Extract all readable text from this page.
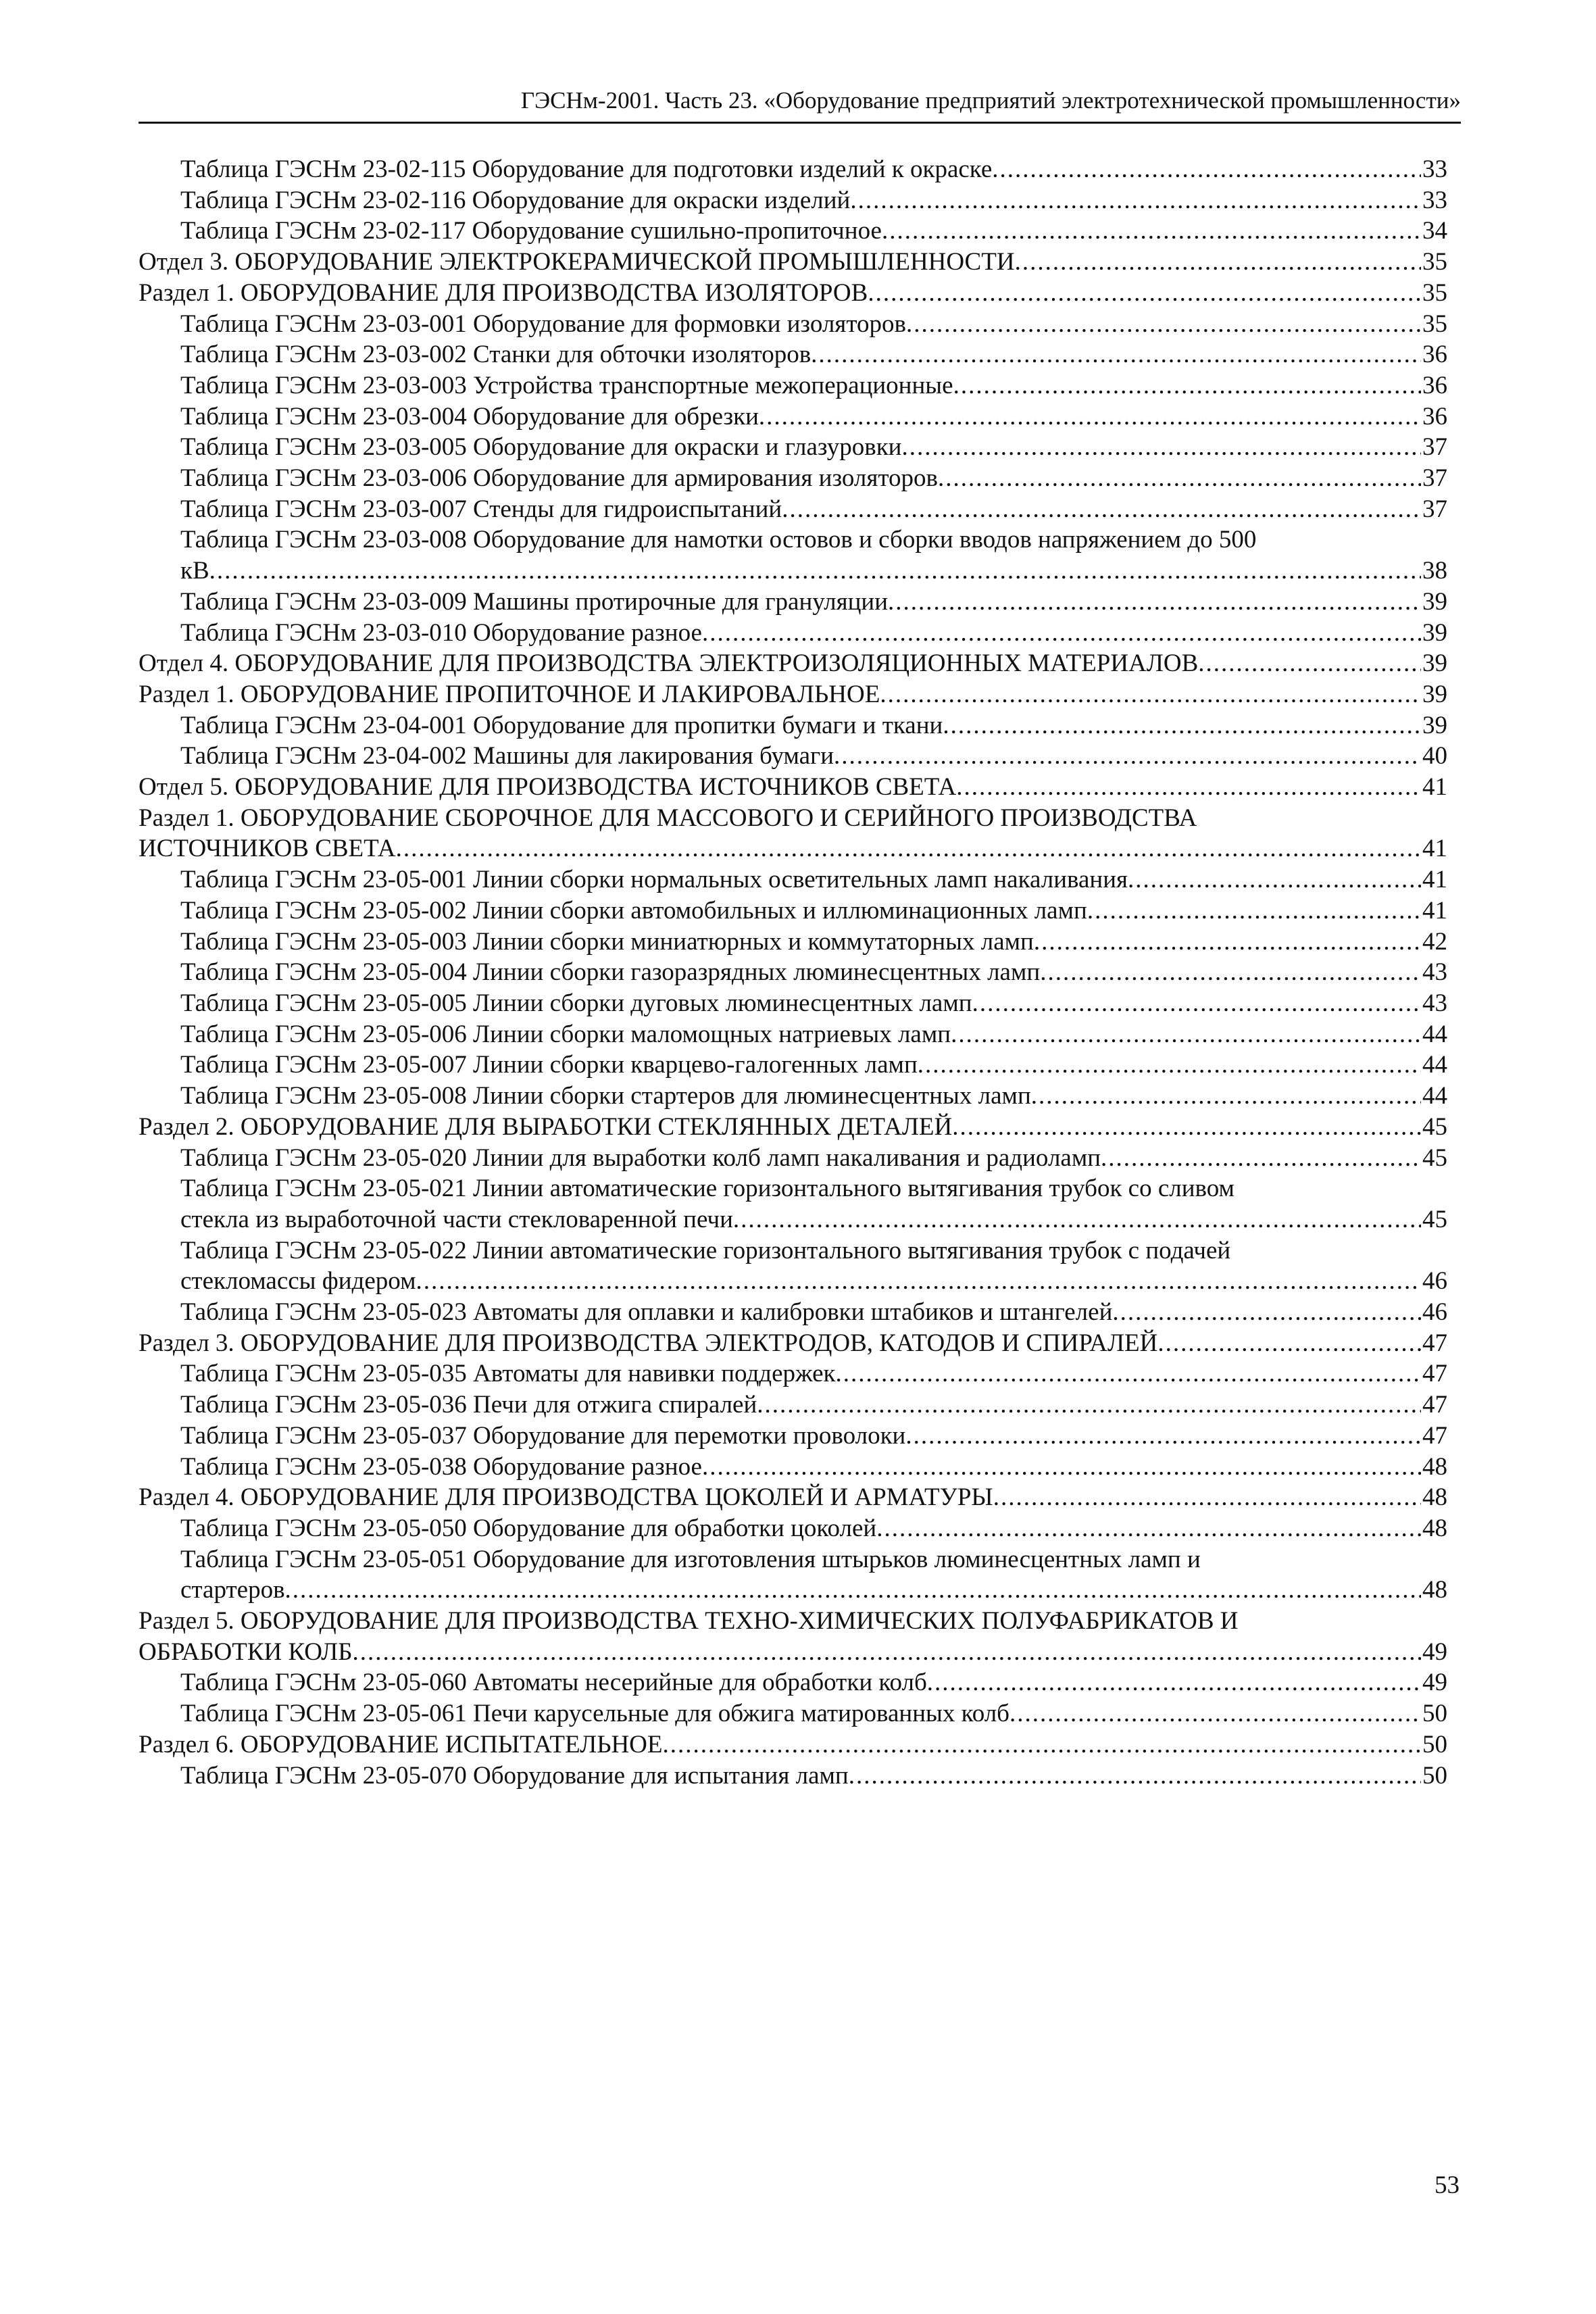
ГЭСНм-2001. Часть 23. «Оборудование предприятий электротехнической промышленности»
Таблица ГЭСНм 23-02-115 Оборудование для подготовки изделий к окраске .....	33
Таблица ГЭСНм 23-02-116 Оборудование для окраски изделий .....	33
Таблица ГЭСНм 23-02-117 Оборудование сушильно-пропиточное .....	34
Отдел 3. ОБОРУДОВАНИЕ ЭЛЕКТРОКЕРАМИЧЕСКОЙ ПРОМЫШЛЕННОСТИ .....	35
Раздел 1. ОБОРУДОВАНИЕ ДЛЯ ПРОИЗВОДСТВА ИЗОЛЯТОРОВ .....	35
Таблица ГЭСНм 23-03-001 Оборудование для формовки изоляторов .....	35
Таблица ГЭСНм 23-03-002 Станки для обточки изоляторов .....	36
Таблица ГЭСНм 23-03-003 Устройства транспортные межоперационные .....	36
Таблица ГЭСНм 23-03-004 Оборудование для обрезки .....	36
Таблица ГЭСНм 23-03-005 Оборудование для окраски и глазуровки .....	37
Таблица ГЭСНм 23-03-006 Оборудование для армирования изоляторов .....	37
Таблица ГЭСНм 23-03-007 Стенды для гидроиспытаний .....	37
Таблица ГЭСНм 23-03-008 Оборудование для намотки остовов и сборки вводов напряжением до 500
кВ .....	38
Таблица ГЭСНм 23-03-009 Машины протирочные для грануляции .....	39
Таблица ГЭСНм 23-03-010 Оборудование разное .....	39
Отдел 4. ОБОРУДОВАНИЕ ДЛЯ ПРОИЗВОДСТВА ЭЛЕКТРОИЗОЛЯЦИОННЫХ МАТЕРИАЛОВ .....	39
Раздел 1. ОБОРУДОВАНИЕ ПРОПИТОЧНОЕ И ЛАКИРОВАЛЬНОЕ .....	39
Таблица ГЭСНм 23-04-001 Оборудование для пропитки бумаги и ткани .....	39
Таблица ГЭСНм 23-04-002 Машины для лакирования бумаги .....	40
Отдел 5. ОБОРУДОВАНИЕ ДЛЯ ПРОИЗВОДСТВА ИСТОЧНИКОВ СВЕТА .....	41
Раздел 1. ОБОРУДОВАНИЕ СБОРОЧНОЕ ДЛЯ МАССОВОГО И СЕРИЙНОГО ПРОИЗВОДСТВА
ИСТОЧНИКОВ СВЕТА .....	41
Таблица ГЭСНм 23-05-001 Линии сборки нормальных осветительных ламп накаливания .....	41
Таблица ГЭСНм 23-05-002 Линии сборки автомобильных и иллюминационных ламп .....	41
Таблица ГЭСНм 23-05-003 Линии сборки миниатюрных и коммутаторных ламп .....	42
Таблица ГЭСНм 23-05-004 Линии сборки газоразрядных люминесцентных ламп .....	43
Таблица ГЭСНм 23-05-005 Линии сборки дуговых люминесцентных ламп .....	43
Таблица ГЭСНм 23-05-006 Линии сборки маломощных натриевых ламп .....	44
Таблица ГЭСНм 23-05-007 Линии сборки кварцево-галогенных ламп .....	44
Таблица ГЭСНм 23-05-008 Линии сборки стартеров для люминесцентных ламп .....	44
Раздел 2. ОБОРУДОВАНИЕ ДЛЯ ВЫРАБОТКИ СТЕКЛЯННЫХ ДЕТАЛЕЙ .....	45
Таблица ГЭСНм 23-05-020 Линии для выработки колб ламп накаливания и радиоламп .....	45
Таблица ГЭСНм 23-05-021 Линии автоматические горизонтального вытягивания трубок со сливом
стекла из выработочной части стекловаренной печи .....	45
Таблица ГЭСНм 23-05-022 Линии автоматические горизонтального вытягивания трубок с подачей
стекломассы фидером .....	46
Таблица ГЭСНм 23-05-023 Автоматы для оплавки и калибровки штабиков и штангелей .....	46
Раздел 3. ОБОРУДОВАНИЕ ДЛЯ ПРОИЗВОДСТВА ЭЛЕКТРОДОВ, КАТОДОВ И СПИРАЛЕЙ .....	47
Таблица ГЭСНм 23-05-035 Автоматы для навивки поддержек .....	47
Таблица ГЭСНм 23-05-036 Печи для отжига спиралей .....	47
Таблица ГЭСНм 23-05-037 Оборудование для перемотки проволоки .....	47
Таблица ГЭСНм 23-05-038 Оборудование разное .....	48
Раздел 4. ОБОРУДОВАНИЕ ДЛЯ ПРОИЗВОДСТВА ЦОКОЛЕЙ И АРМАТУРЫ .....	48
Таблица ГЭСНм 23-05-050 Оборудование для обработки цоколей .....	48
Таблица ГЭСНм 23-05-051 Оборудование для изготовления штырьков люминесцентных ламп и
стартеров .....	48
Раздел 5. ОБОРУДОВАНИЕ ДЛЯ ПРОИЗВОДСТВА ТЕХНО-ХИМИЧЕСКИХ ПОЛУФАБРИКАТОВ И
ОБРАБОТКИ КОЛБ .....	49
Таблица ГЭСНм 23-05-060 Автоматы несерийные для обработки колб .....	49
Таблица ГЭСНм 23-05-061 Печи карусельные для обжига матированных колб .....	50
Раздел 6. ОБОРУДОВАНИЕ ИСПЫТАТЕЛЬНОЕ .....	50
Таблица ГЭСНм 23-05-070 Оборудование для испытания ламп .....	50
53
